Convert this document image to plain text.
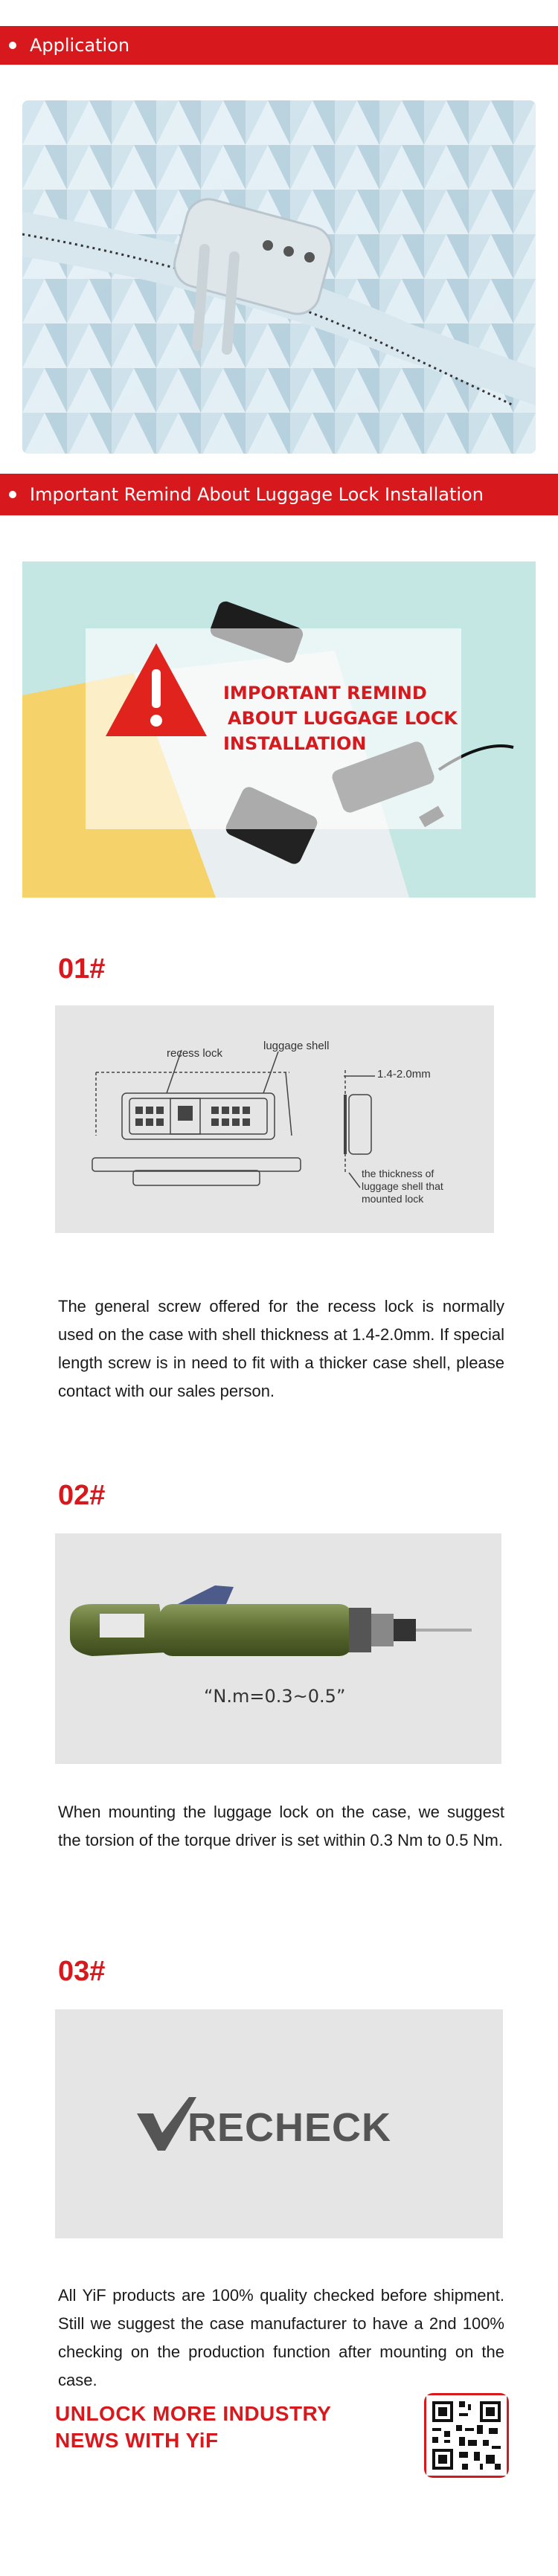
Application
Important Remind About Luggage Lock Installation
IMPORTANT REMIND
ABOUT LUGGAGE LOCK
INSTALLATION
01#
recess lock
luggage shell
1.4-2.0mm
the thickness of
luggage shell that
mounted lock
The general screw offered for the recess lock is normally used on the case with shell thickness at 1.4-2.0mm. If special length screw is in need to fit with a thicker case shell, please contact with our sales person.
02#
“N.m=0.3~0.5”
When mounting the luggage lock on the case, we suggest the torsion of the torque driver is set within 0.3 Nm to 0.5 Nm.
03#
RECHECK
All YiF products are 100% quality checked before shipment. Still we suggest the case manufacturer to have a 2nd 100% checking on the production function after mounting on the case.
UNLOCK MORE INDUSTRY
NEWS WITH YiF
